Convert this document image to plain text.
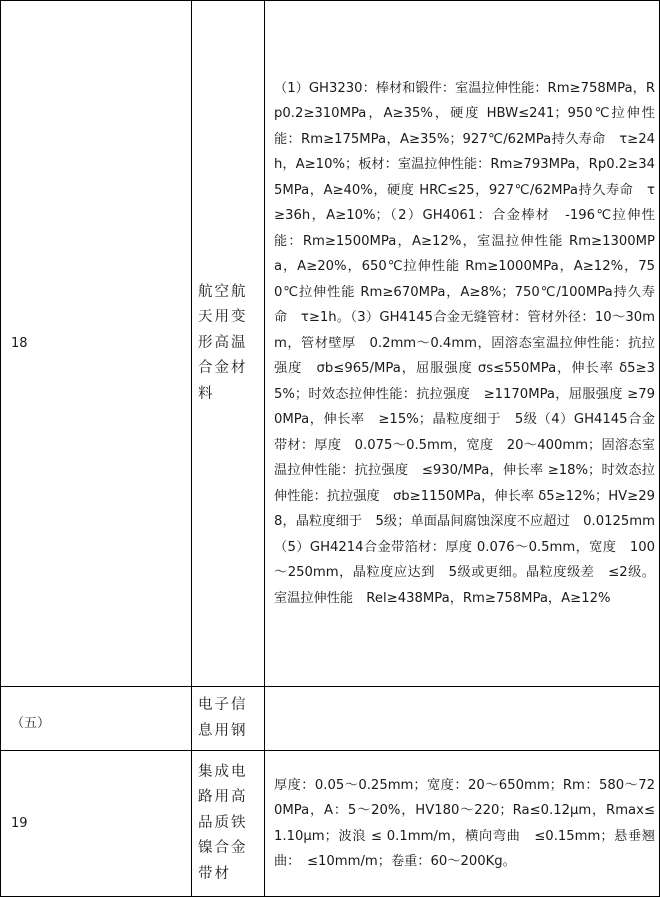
18	航空航天用变形高温合金材料	（1）GH3230：棒材和锻件：室温拉伸性能：Rm≥758MPa，Rp0.2≥310MPa，A≥35%，硬度 HBW≤241；950℃拉伸性能：Rm≥175MPa，A≥35%；927℃/62MPa持久寿命　τ≥24h，A≥10%；板材：室温拉伸性能：Rm≥793MPa，Rp0.2≥345MPa，A≥40%，硬度 HRC≤25，927℃/62MPa持久寿命　τ≥36h，A≥10%；（2）GH4061：合金棒材　-196℃拉伸性能：Rm≥1500MPa，A≥12%，室温拉伸性能 Rm≥1300MPa，A≥20%，650℃拉伸性能 Rm≥1000MPa，A≥12%，750℃拉伸性能 Rm≥670MPa，A≥8%；750℃/100MPa持久寿命　τ≥1h。（3）GH4145合金无缝管材：管材外径：10～30mm，管材壁厚　0.2mm～0.4mm，固溶态室温拉伸性能：抗拉强度　σb≤965/MPa，屈服强度 σs≤550MPa，伸长率 δ5≥35%；时效态拉伸性能：抗拉强度　≥1170MPa，屈服强度 ≥790MPa，伸长率　≥15%；晶粒度细于　5级（4）GH4145合金带材：厚度　0.075～0.5mm，宽度　20～400mm；固溶态室温拉伸性能：抗拉强度　≤930/MPa，伸长率 ≥18%；时效态拉伸性能：抗拉强度　σb≥1150MPa，伸长率 δ5≥12%；HV≥298，晶粒度细于　5级；单面晶间腐蚀深度不应超过　0.0125mm（5）GH4214合金带箔材：厚度 0.076～0.5mm，宽度　100～250mm，晶粒度应达到　5级或更细。晶粒度级差　≤2级。室温拉伸性能　Rel≥438MPa，Rm≥758MPa，A≥12%

（五）	电子信息用钢	

19	集成电路用高品质铁镍合金带材	厚度：0.05～0.25mm；宽度：20～650mm；Rm：580～720MPa，A：5～20%，HV180～220；Ra≤0.12μm，Rmax≤1.10μm；波浪 ≤ 0.1mm/m，横向弯曲　≤0.15mm；悬垂翘曲：　≤10mm/m；卷重：60～200Kg。
